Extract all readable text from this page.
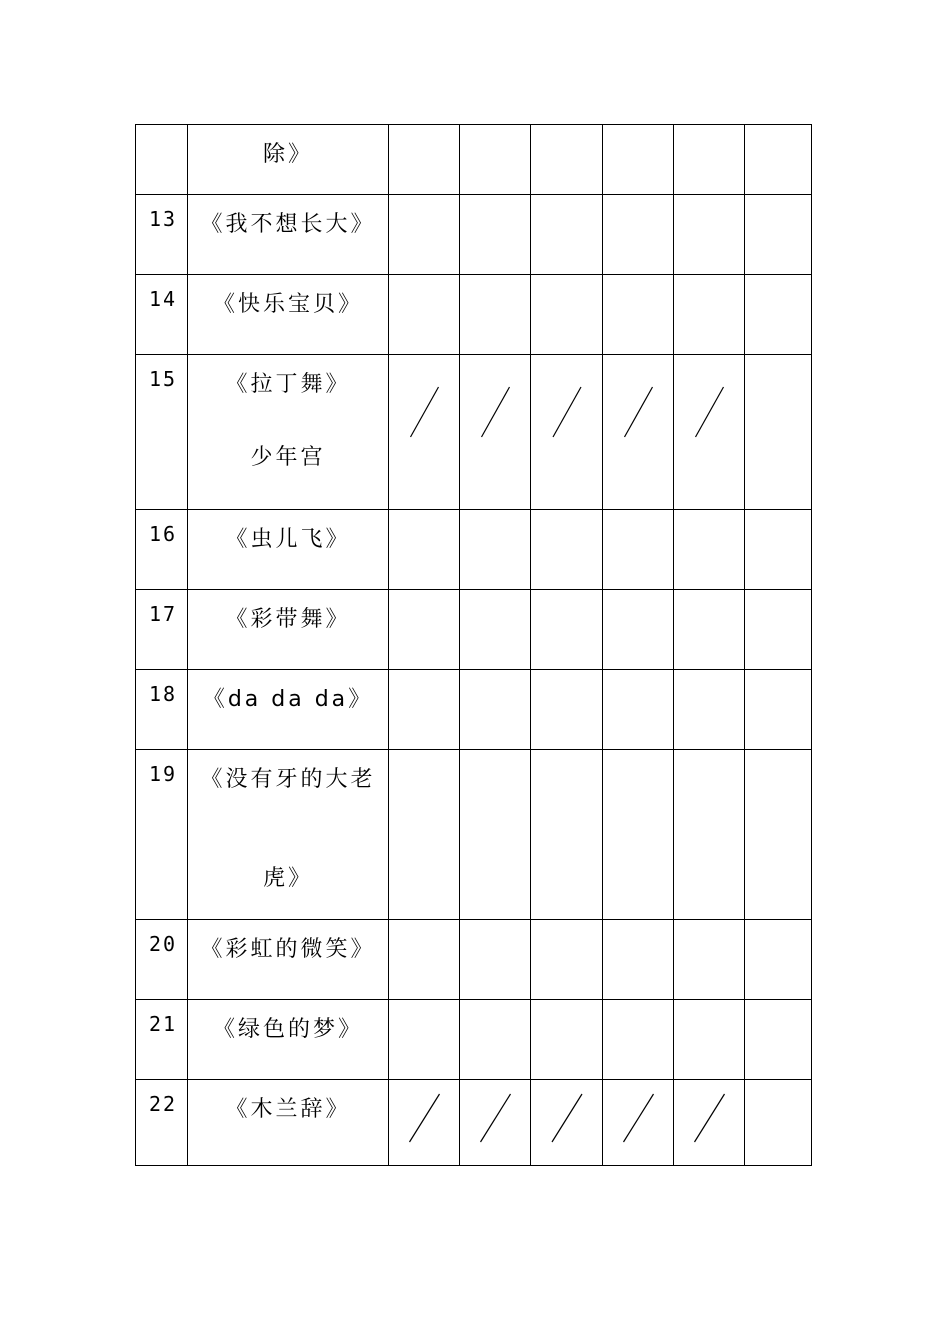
	除》						
13	《我不想长大》						
14	《快乐宝贝》						
15	《拉丁舞》
少年宫

16	《虫儿飞》						
17	《彩带舞》						
18	《da da da》						
19	《没有牙的大老
虎》						

20	《彩虹的微笑》						
21	《绿色的梦》						
22	《木兰辞》	
